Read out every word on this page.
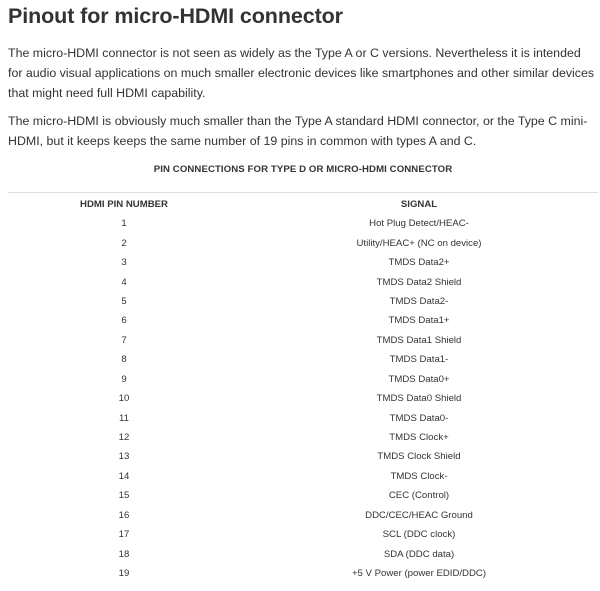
Pinout for micro-HDMI connector

The micro-HDMI connector is not seen as widely as the Type A or C versions. Nevertheless it is intended for audio visual applications on much smaller electronic devices like smartphones and other similar devices that might need full HDMI capability.

The micro-HDMI is obviously much smaller than the Type A standard HDMI connector, or the Type C mini-HDMI, but it keeps keeps the same number of 19 pins in common with types A and C.

PIN CONNECTIONS FOR TYPE D OR MICRO-HDMI CONNECTOR
HDMI PIN NUMBER	SIGNAL
1	Hot Plug Detect/HEAC-
2	Utility/HEAC+ (NC on device)
3	TMDS Data2+
4	TMDS Data2 Shield
5	TMDS Data2-
6	TMDS Data1+
7	TMDS Data1 Shield
8	TMDS Data1-
9	TMDS Data0+
10	TMDS Data0 Shield
11	TMDS Data0-
12	TMDS Clock+
13	TMDS Clock Shield
14	TMDS Clock-
15	CEC (Control)
16	DDC/CEC/HEAC Ground
17	SCL (DDC clock)
18	SDA (DDC data)
19	+5 V Power (power EDID/DDC)
